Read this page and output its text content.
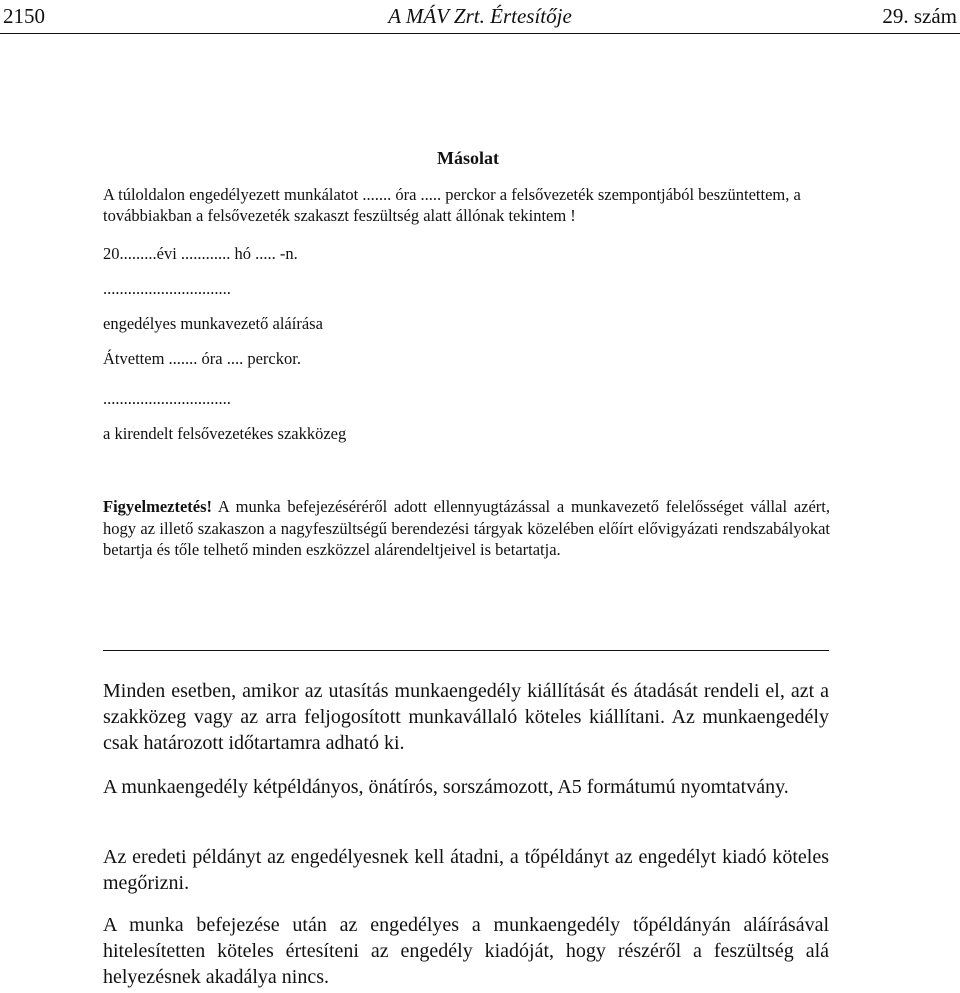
2150	A MÁV Zrt. Értesítője	29. szám
Másolat
A túloldalon engedélyezett munkálatot ....... óra ..... perckor a felsővezeték szempontjából beszüntettem, a továbbiakban a felsővezeték szakaszt feszültség alatt állónak tekintem !
20.........évi ............ hó ..... -n.
...............................
engedélyes munkavezető aláírása
Átvettem ....... óra .... perckor.
...............................
a kirendelt felsővezetékes szakközeg
Figyelmeztetés! A munka befejezéséréről adott ellennyugtázással a munkavezető felelősséget vállal azért, hogy az illető szakaszon a nagyfeszültségű berendezési tárgyak közelében előírt elővigyázati rendszabályokat betartja és tőle telhető minden eszközzel alárendeltjeivel is betartatja.
Minden esetben, amikor az utasítás munkaengedély kiállítását és átadását rendeli el, azt a szakközeg vagy az arra feljogosított munkavállaló köteles kiállítani. Az munkaengedély csak határozott időtartamra adható ki.
A munkaengedély kétpéldányos, önátírós, sorszámozott, A5 formátumú nyomtatvány.
Az eredeti példányt az engedélyesnek kell átadni, a tőpéldányt az engedélyt kiadó köteles megőrizni.
A munka befejezése után az engedélyes a munkaengedély tőpéldányán aláírásával hitelesítetten köteles értesíteni az engedély kiadóját, hogy részéről a feszültség alá helyezésnek akadálya nincs.
